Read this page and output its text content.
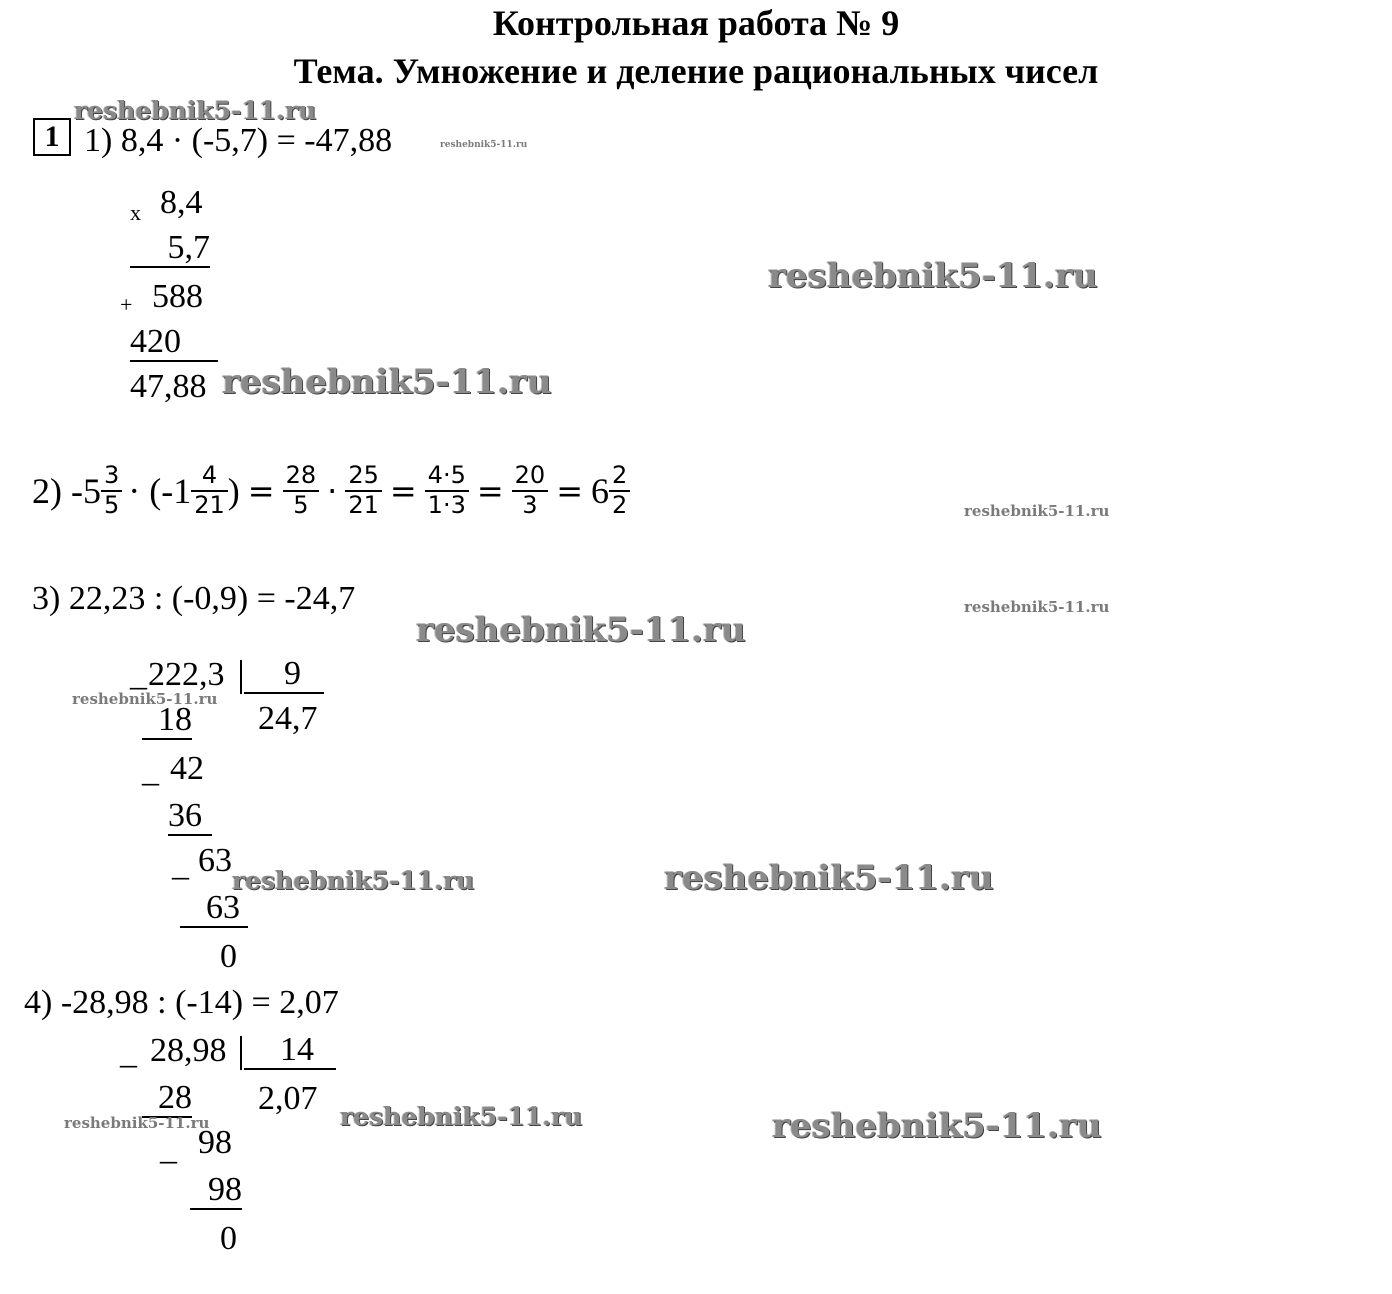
Контрольная работа № 9
Тема. Умножение и деление рациональных чисел
1 1) 8,4 · (-5,7) = -47,88
x 8,4
5,7
+ 588
420
47,88
2) $-5 \frac{3}{5} \cdot (-1 \frac{4}{21}$ ) = $\frac{28}{5} \cdot \frac{25}{21} = \frac{4\cdot 5}{1\cdot 3} = \frac{20}{3} = 6 \frac{2}{2}$
3) 22,23 : (-0,9) = -24,7
_ 222,3	9
24,7
18
_ 42
36
_ 63
63
0
4) -28,98 : (-14) = 2,07
_ 28,98	14
2,07
28
_ 98
98
0
reshebnik5-11.ru
reshebnik5-11.ru
reshebnik5-11.ru
reshebnik5-11.ru
reshebnik5-11.ru
reshebnik5-11.ru
reshebnik5-11.ru
reshebnik5-11.ru
reshebnik5-11.ru	reshebnik5-11.ru
reshebnik5-11.ru
reshebnik5-11.ru	reshebnik5-11.ru
